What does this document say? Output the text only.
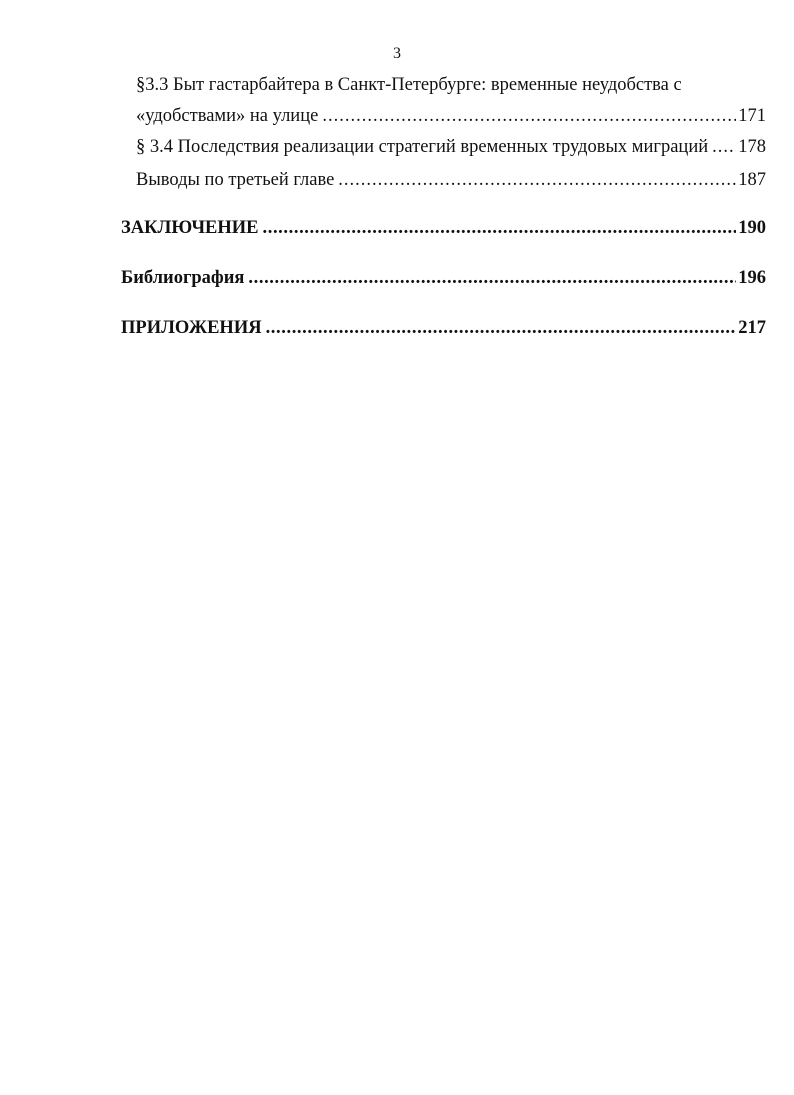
3
§3.3 Быт гастарбайтера в Санкт-Петербурге: временные неудобства с
«удобствами» на улице .....	171
§ 3.4 Последствия реализации стратегий временных трудовых миграций ..... 178
Выводы по третьей главе .....	187
ЗАКЛЮЧЕНИЕ .....	190
Библиография .....	196
ПРИЛОЖЕНИЯ .....	217
